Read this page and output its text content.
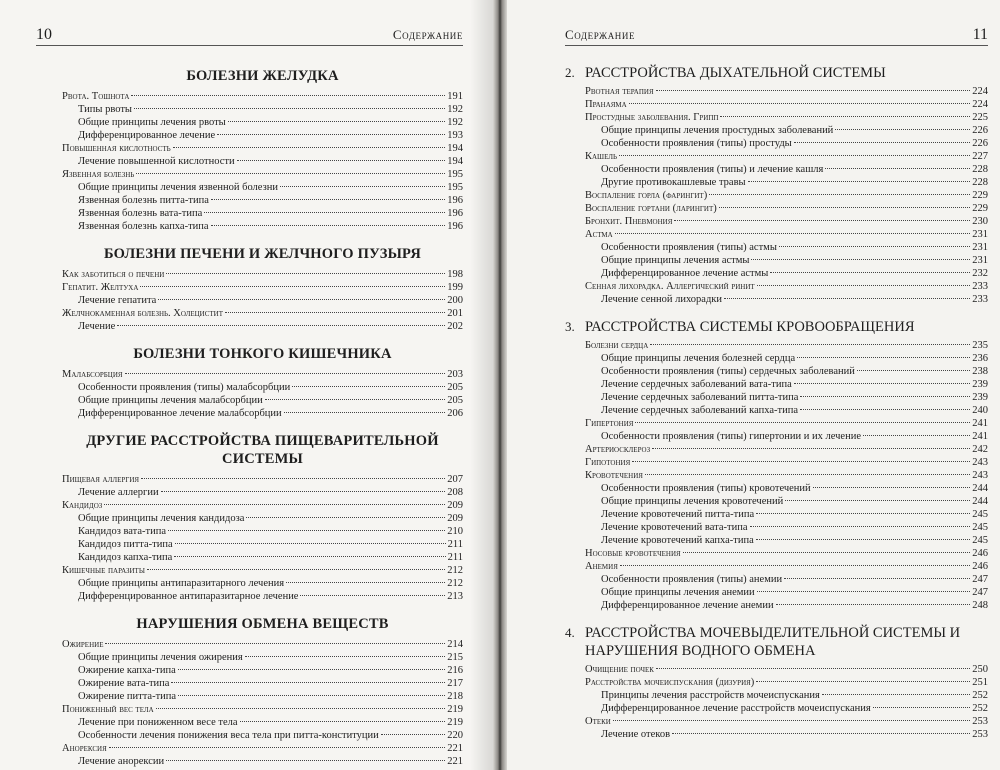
10	Содержание
БОЛЕЗНИ ЖЕЛУДКА
Рвота. Тошнота	191
Типы рвоты	192
Общие принципы лечения рвоты	192
Дифференцированное лечение	193
Повышенная кислотность	194
Лечение повышенной кислотности	194
Язвенная болезнь	195
Общие принципы лечения язвенной болезни	195
Язвенная болезнь питта-типа	196
Язвенная болезнь вата-типа	196
Язвенная болезнь капха-типа	196
БОЛЕЗНИ ПЕЧЕНИ И ЖЕЛЧНОГО ПУЗЫРЯ
Как заботиться о печени	198
Гепатит. Желтуха	199
Лечение гепатита	200
Желчнокаменная болезнь. Холецистит	201
Лечение	202
БОЛЕЗНИ ТОНКОГО КИШЕЧНИКА
Малабсорбция	203
Особенности проявления (типы) малабсорбции	205
Общие принципы лечения малабсорбции	205
Дифференцированное лечение малабсорбции	206
ДРУГИЕ РАССТРОЙСТВА ПИЩЕВАРИТЕЛЬНОЙ СИСТЕМЫ
Пищевая аллергия	207
Лечение аллергии	208
Кандидоз	209
Общие принципы лечения кандидоза	209
Кандидоз вата-типа	210
Кандидоз питта-типа	211
Кандидоз капха-типа	211
Кишечные паразиты	212
Общие принципы антипаразитарного лечения	212
Дифференцированное антипаразитарное лечение	213
НАРУШЕНИЯ ОБМЕНА ВЕЩЕСТВ
Ожирение	214
Общие принципы лечения ожирения	215
Ожирение капха-типа	216
Ожирение вата-типа	217
Ожирение питта-типа	218
Пониженный вес тела	219
Лечение при пониженном весе тела	219
Особенности лечения понижения веса тела при питта-конституции	220
Анорексия	221
Лечение анорексии	221
Содержание	11
2. РАССТРОЙСТВА ДЫХАТЕЛЬНОЙ СИСТЕМЫ
Рвотная терапия	224
Пранаяма	224
Простудные заболевания. Грипп	225
Общие принципы лечения простудных заболеваний	226
Особенности проявления (типы) простуды	226
Кашель	227
Особенности проявления (типы) и лечение кашля	228
Другие противокашлевые травы	228
Воспаление горла (фарингит)	229
Воспаление гортани (ларингит)	229
Бронхит. Пневмония	230
Астма	231
Особенности проявления (типы) астмы	231
Общие принципы лечения астмы	231
Дифференцированное лечение астмы	232
Сенная лихорадка. Аллергический ринит	233
Лечение сенной лихорадки	233
3. РАССТРОЙСТВА СИСТЕМЫ КРОВООБРАЩЕНИЯ
Болезни сердца	235
Общие принципы лечения болезней сердца	236
Особенности проявления (типы) сердечных заболеваний	238
Лечение сердечных заболеваний вата-типа	239
Лечение сердечных заболеваний питта-типа	239
Лечение сердечных заболеваний капха-типа	240
Гипертония	241
Особенности проявления (типы) гипертонии и их лечение	241
Артериосклероз	242
Гипотония	243
Кровотечения	243
Особенности проявления (типы) кровотечений	244
Общие принципы лечения кровотечений	244
Лечение кровотечений питта-типа	245
Лечение кровотечений вата-типа	245
Лечение кровотечений капха-типа	245
Носовые кровотечения	246
Анемия	246
Особенности проявления (типы) анемии	247
Общие принципы лечения анемии	247
Дифференцированное лечение анемии	248
4. РАССТРОЙСТВА МОЧЕВЫДЕЛИТЕЛЬНОЙ СИСТЕМЫ И НАРУШЕНИЯ ВОДНОГО ОБМЕНА
Очищение почек	250
Расстройства мочеиспускания (дизурия)	251
Принципы лечения расстройств мочеиспускания	252
Дифференцированное лечение расстройств мочеиспускания	252
Отеки	253
Лечение отеков	253
